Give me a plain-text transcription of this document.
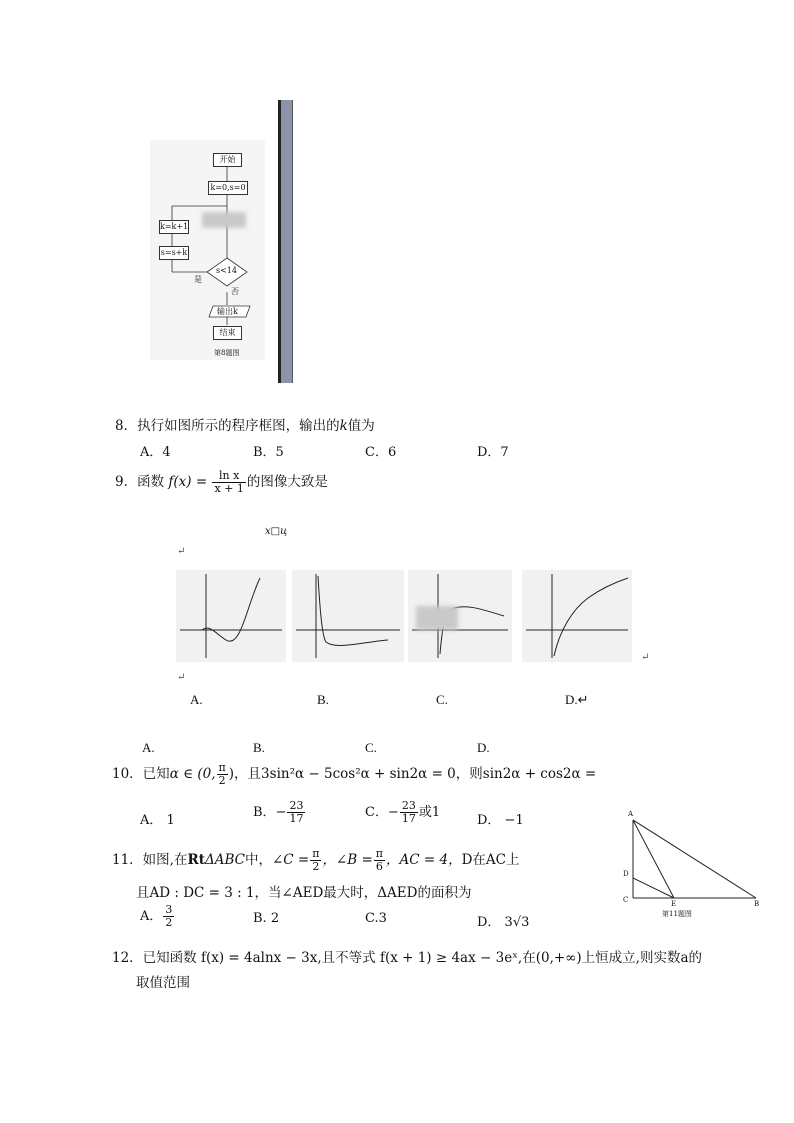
开始
k=0,s=0
k=k+1
s=s+k
s<14
是
否
输出k
结束
第8题图
8．执行如图所示的程序框图，输出的k值为
A．4	B．5	C．6	D．7
9．函数 $f(x) = \frac{\text{ln x}}{x + 1}$ 的图像大致是
x□ц
↵
↵
↵
A.	B.	C.	D.↵
A.	B.	C.	D.
10．已知α ∈ (0, $\frac{\pi}{2}$ )，且3sin²α − 5cos²α + sin2α = 0，则sin2α + cos2α =
A． 1
B．− $\frac{23}{17}$	C．− $\frac{23}{17}$ 或1
D． −1
11．如图,在RtΔABC中，∠C = $\frac{\pi}{2}$ ，∠B = $\frac{\pi}{6}$ ，AC = 4，D在AC上
且AD : DC = 3 : 1，当∠AED最大时，ΔAED的面积为
A． $\frac{3}{2}$	B. 2	C.3	D． 3√3
A
D
C	E	B
第11题图
12．已知函数 f(x) = 4alnx − 3x,且不等式 f(x + 1) ≥ 4ax − 3eˣ,在(0,+∞)上恒成立,则实数a的
取值范围
